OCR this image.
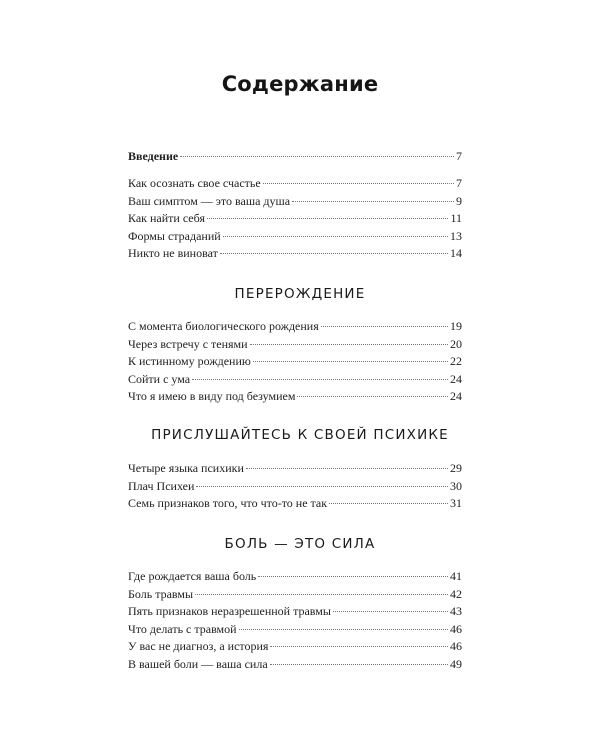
Содержание
Введение	7
Как осознать свое счастье	7
Ваш симптом — это ваша душа	9
Как найти себя	11
Формы страданий	13
Никто не виноват	14
ПЕРЕРОЖДЕНИЕ
С момента биологического рождения	19
Через встречу с тенями	20
К истинному рождению	22
Сойти с ума	24
Что я имею в виду под безумием	24
ПРИСЛУШАЙТЕСЬ К СВОЕЙ ПСИХИКЕ
Четыре языка психики	29
Плач Психеи	30
Семь признаков того, что что-то не так	31
БОЛЬ — ЭТО СИЛА
Где рождается ваша боль	41
Боль травмы	42
Пять признаков неразрешенной травмы	43
Что делать с травмой	46
У вас не диагноз, а история	46
В вашей боли — ваша сила	49
